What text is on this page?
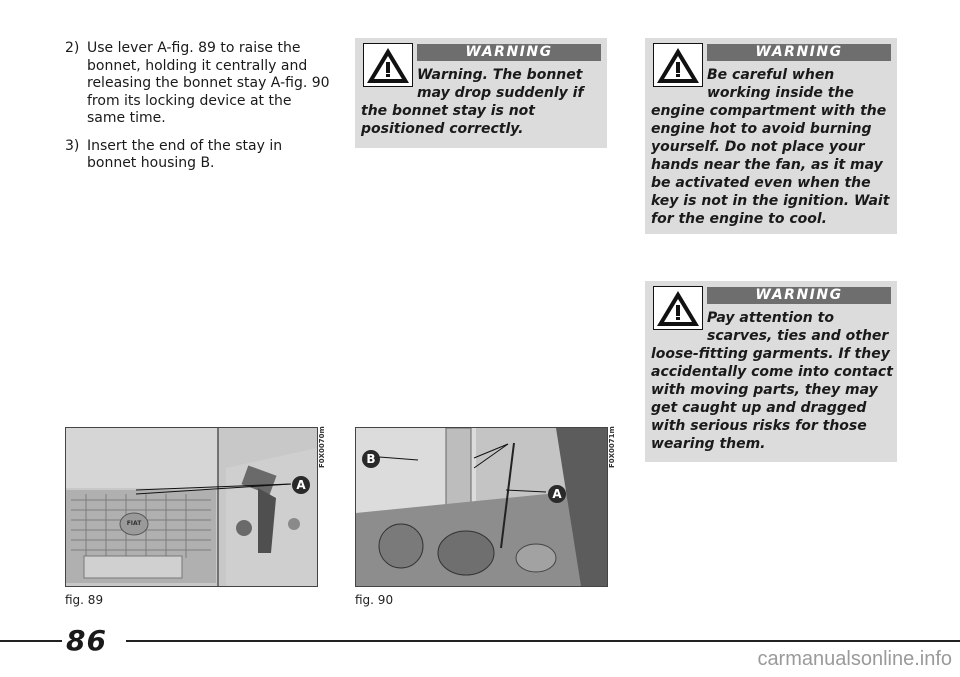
2) Use lever A-fig. 89 to raise the bonnet, holding it centrally and releasing the bonnet stay A-fig. 90 from its locking device at the same time.
3) Insert the end of the stay in bonnet housing B.
WARNING
Warning. The bonnet may drop suddenly if
the bonnet stay is not positioned correctly.
WARNING
Be careful when working inside the
engine compartment with the engine hot to avoid burning yourself. Do not place your hands near the fan, as it may be activated even when the key is not in the ignition. Wait for the engine to cool.
WARNING
Pay attention to scarves, ties and other
loose-fitting garments. If they accidentally come into contact with moving parts, they may get caught up and dragged with serious risks for those wearing them.
A
FIAT
F0X0070m
fig. 89
B
A
F0X0071m
fig. 90
86
carmanualsonline.info
